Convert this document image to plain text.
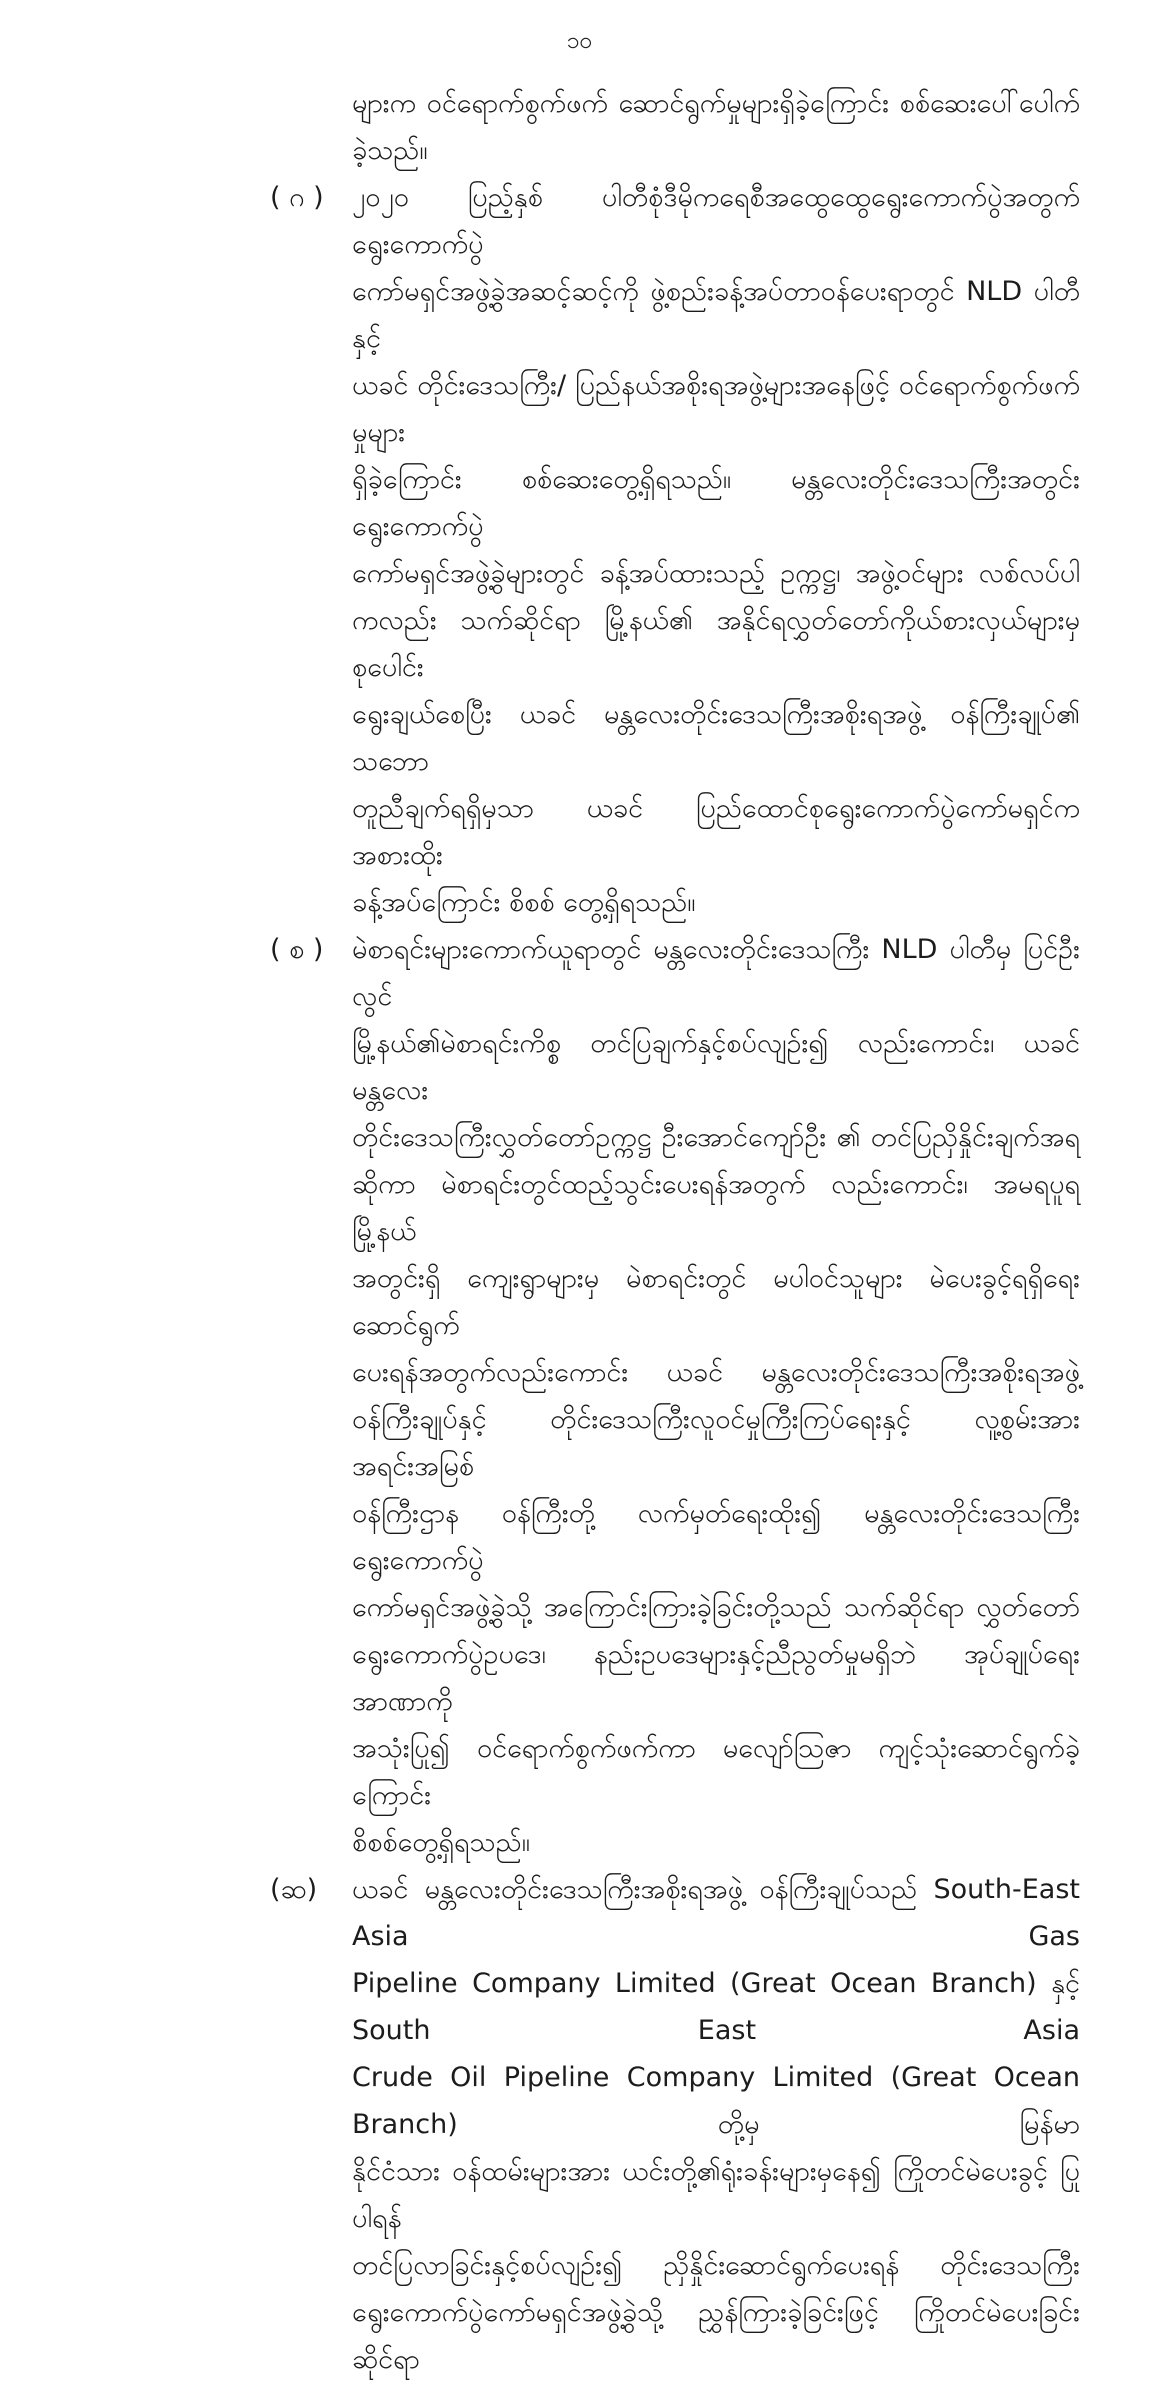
၁၀
များက ဝင်ရောက်စွက်ဖက် ဆောင်ရွက်မှုများရှိခဲ့ကြောင်း စစ်ဆေးပေါ်ပေါက်
ခဲ့သည်။
( ဂ )	၂၀၂၀ ပြည့်နှစ် ပါတီစုံဒီမိုကရေစီအထွေထွေရွေးကောက်ပွဲအတွက် ရွေးကောက်ပွဲ
ကော်မရှင်အဖွဲ့ခွဲအဆင့်ဆင့်ကို ဖွဲ့စည်းခန့်အပ်တာဝန်ပေးရာတွင် NLD ပါတီနှင့်
ယခင် တိုင်းဒေသကြီး/ ပြည်နယ်အစိုးရအဖွဲ့များအနေဖြင့် ဝင်ရောက်စွက်ဖက်မှုများ
ရှိခဲ့ကြောင်း စစ်ဆေးတွေ့ရှိရသည်။ မန္တလေးတိုင်းဒေသကြီးအတွင်း ရွေးကောက်ပွဲ
ကော်မရှင်အဖွဲ့ခွဲများတွင် ခန့်အပ်ထားသည့် ဥက္ကဋ္ဌ၊ အဖွဲ့ဝင်များ လစ်လပ်ပါ
ကလည်း သက်ဆိုင်ရာ မြို့နယ်၏ အနိုင်ရလွှတ်တော်ကိုယ်စားလှယ်များမှ စုပေါင်း
ရွေးချယ်စေပြီး ယခင် မန္တလေးတိုင်းဒေသကြီးအစိုးရအဖွဲ့ ဝန်ကြီးချုပ်၏ သဘော
တူညီချက်ရရှိမှသာ ယခင် ပြည်ထောင်စုရွေးကောက်ပွဲကော်မရှင်က အစားထိုး
ခန့်အပ်ကြောင်း စိစစ် တွေ့ရှိရသည်။
( စ )	မဲစာရင်းများကောက်ယူရာတွင် မန္တလေးတိုင်းဒေသကြီး NLD ပါတီမှ ပြင်ဦးလွင်
မြို့နယ်၏မဲစာရင်းကိစ္စ တင်ပြချက်နှင့်စပ်လျဉ်း၍ လည်းကောင်း၊ ယခင် မန္တလေး
တိုင်းဒေသကြီးလွှတ်တော်ဥက္ကဋ္ဌ ဦးအောင်ကျော်ဦး ၏ တင်ပြညှိနှိုင်းချက်အရ
ဆိုကာ မဲစာရင်းတွင်ထည့်သွင်းပေးရန်အတွက် လည်းကောင်း၊ အမရပူရမြို့နယ်
အတွင်းရှိ ကျေးရွာများမှ မဲစာရင်းတွင် မပါဝင်သူများ မဲပေးခွင့်ရရှိရေး ဆောင်ရွက်
ပေးရန်အတွက်လည်းကောင်း ယခင် မန္တလေးတိုင်းဒေသကြီးအစိုးရအဖွဲ့
ဝန်ကြီးချုပ်နှင့် တိုင်းဒေသကြီးလူဝင်မှုကြီးကြပ်ရေးနှင့် လူ့စွမ်းအား အရင်းအမြစ်
ဝန်ကြီးဌာန ဝန်ကြီးတို့ လက်မှတ်ရေးထိုး၍ မန္တလေးတိုင်းဒေသကြီး ရွေးကောက်ပွဲ
ကော်မရှင်အဖွဲ့ခွဲသို့ အကြောင်းကြားခဲ့ခြင်းတို့သည် သက်ဆိုင်ရာ လွှတ်တော်
ရွေးကောက်ပွဲဥပဒေ၊ နည်းဥပဒေများနှင့်ညီညွတ်မှုမရှိဘဲ အုပ်ချုပ်ရေး အာဏာကို
အသုံးပြု၍ ဝင်ရောက်စွက်ဖက်ကာ မလျော်ဩဇာ ကျင့်သုံးဆောင်ရွက်ခဲ့ကြောင်း
စိစစ်တွေ့ရှိရသည်။
(ဆ)	ယခင် မန္တလေးတိုင်းဒေသကြီးအစိုးရအဖွဲ့ ဝန်ကြီးချုပ်သည် South-East Asia Gas
Pipeline Company Limited (Great Ocean Branch) နှင့် South East Asia
Crude Oil Pipeline Company Limited (Great Ocean Branch) တို့မှ မြန်မာ
နိုင်ငံသား ဝန်ထမ်းများအား ယင်းတို့၏ရုံးခန်းများမှနေ၍ ကြိုတင်မဲပေးခွင့် ပြုပါရန်
တင်ပြလာခြင်းနှင့်စပ်လျဉ်း၍ ညှိနှိုင်းဆောင်ရွက်ပေးရန် တိုင်းဒေသကြီး
ရွေးကောက်ပွဲကော်မရှင်အဖွဲ့ခွဲသို့ ညွှန်ကြားခဲ့ခြင်းဖြင့် ကြိုတင်မဲပေးခြင်းဆိုင်ရာ
